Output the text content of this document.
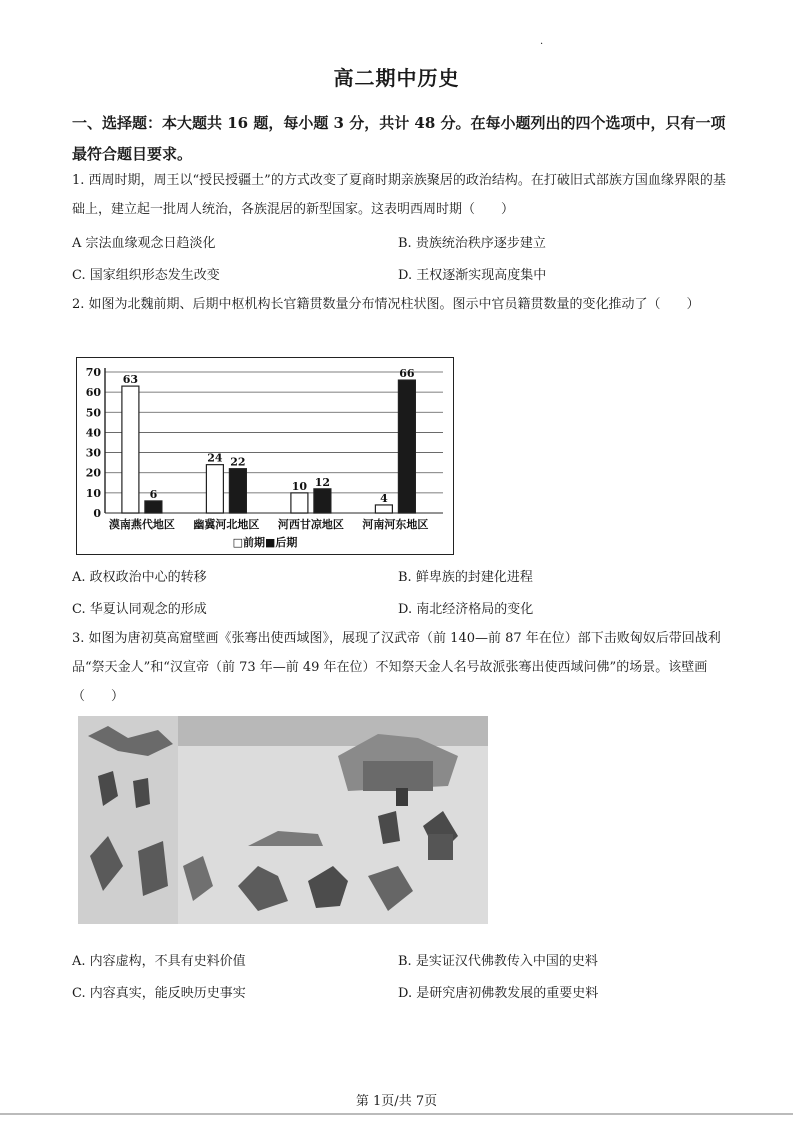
.
高二期中历史
一、选择题：本大题共 16 题，每小题 3 分，共计 48 分。在每小题列出的四个选项中，只有一项最符合题目要求。
1. 西周时期，周王以“授民授疆土”的方式改变了夏商时期亲族聚居的政治结构。在打破旧式部族方国血缘界限的基础上，建立起一批周人统治，各族混居的新型国家。这表明西周时期（　　）
A 宗法血缘观念日趋淡化	B. 贵族统治秩序逐步建立
C. 国家组织形态发生改变	D. 王权逐渐实现高度集中
2. 如图为北魏前期、后期中枢机构长官籍贯数量分布情况柱状图。图示中官员籍贯数量的变化推动了（　　）
0
10
20
30
40
50
60
70
63
6
漠南燕代地区
24 22
幽冀河北地区
10 12
河西甘凉地区
4
66
河南河东地区
□前期■后期
A. 政权政治中心的转移	B. 鲜卑族的封建化进程
C. 华夏认同观念的形成	D. 南北经济格局的变化
3. 如图为唐初莫高窟壁画《张骞出使西域图》，展现了汉武帝（前 140—前 87 年在位）部下击败匈奴后带回战利品“祭天金人”和“汉宣帝（前 73 年—前 49 年在位）不知祭天金人名号故派张骞出使西域问佛”的场景。该壁画（　　）
A. 内容虚构，不具有史料价值	B. 是实证汉代佛教传入中国的史料
C. 内容真实，能反映历史事实	D. 是研究唐初佛教发展的重要史料
第 1页/共 7页
